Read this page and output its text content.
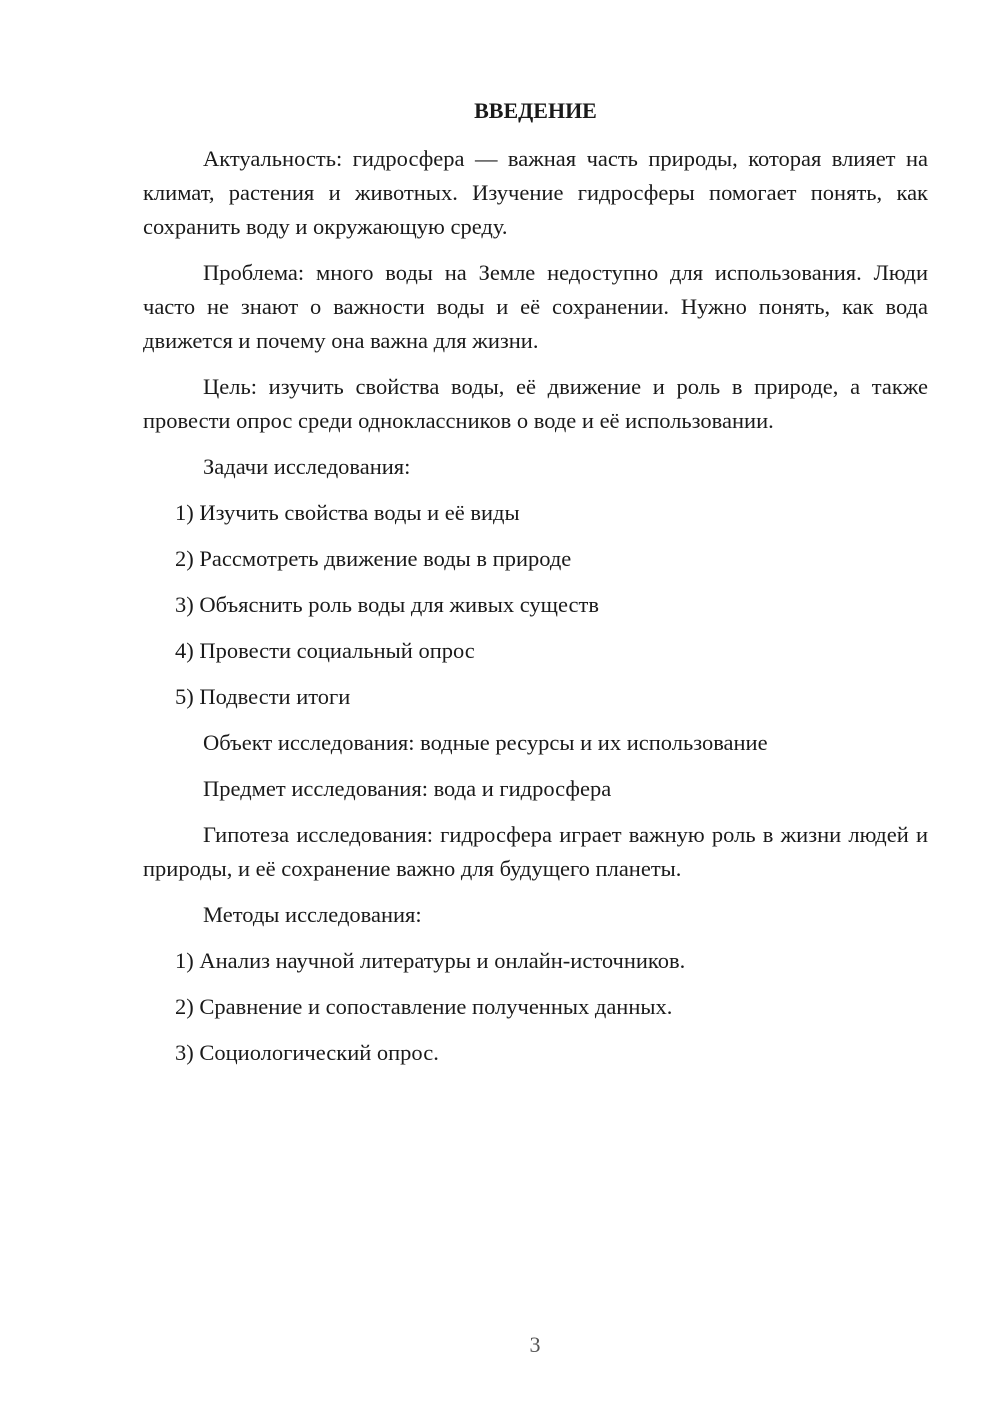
ВВЕДЕНИЕ

Актуальность: гидросфера — важная часть природы, которая влияет на климат, растения и животных. Изучение гидросферы помогает понять, как сохранить воду и окружающую среду.

Проблема: много воды на Земле недоступно для использования. Люди часто не знают о важности воды и её сохранении. Нужно понять, как вода движется и почему она важна для жизни.

Цель: изучить свойства воды, её движение и роль в природе, а также провести опрос среди одноклассников о воде и её использовании.

Задачи исследования:

1) Изучить свойства воды и её виды
2) Рассмотреть движение воды в природе
3) Объяснить роль воды для живых существ
4) Провести социальный опрос
5) Подвести итоги

Объект исследования: водные ресурсы и их использование

Предмет исследования: вода и гидросфера

Гипотеза исследования: гидросфера играет важную роль в жизни людей и природы, и её сохранение важно для будущего планеты.

Методы исследования:

1) Анализ научной литературы и онлайн-источников.
2) Сравнение и сопоставление полученных данных.
3) Социологический опрос.
3
